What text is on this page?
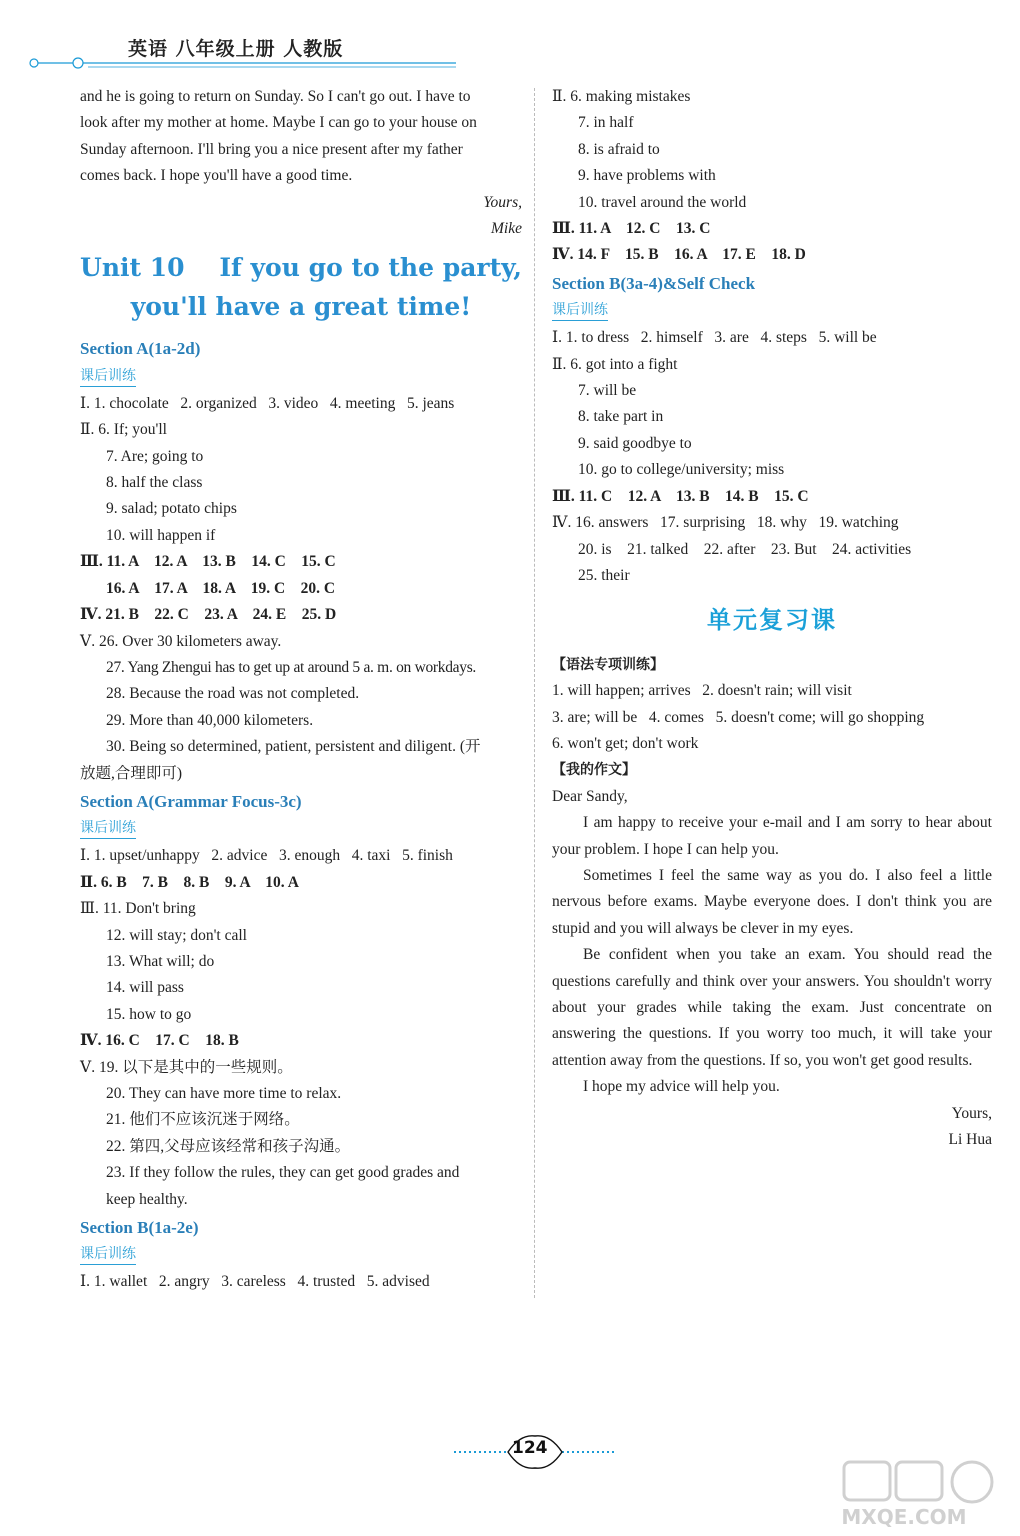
英语 八年级上册 人教版
and he is going to return on Sunday. So I can't go out. I have to
look after my mother at home. Maybe I can go to your house on
Sunday afternoon. I'll bring you a nice present after my father
comes back. I hope you'll have a good time.
Yours,
Mike
Unit 10    If you go to the party,
you'll have a great time!
Section A(1a-2d)
课后训练
Ⅰ. 1. chocolate   2. organized   3. video   4. meeting   5. jeans
Ⅱ. 6. If; you'll
7. Are; going to
8. half the class
9. salad; potato chips
10. will happen if
Ⅲ. 11. A    12. A    13. B    14. C    15. C
16. A    17. A    18. A    19. C    20. C
Ⅳ. 21. B    22. C    23. A    24. E    25. D
Ⅴ. 26. Over 30 kilometers away.
27. Yang Zhengui has to get up at around 5 a. m. on workdays.
28. Because the road was not completed.
29. More than 40,000 kilometers.
30. Being so determined, patient, persistent and diligent. (开
放题,合理即可)
Section A(Grammar Focus-3c)
课后训练
Ⅰ. 1. upset/unhappy   2. advice   3. enough   4. taxi   5. finish
Ⅱ. 6. B    7. B    8. B    9. A    10. A
Ⅲ. 11. Don't bring
12. will stay; don't call
13. What will; do
14. will pass
15. how to go
Ⅳ. 16. C    17. C    18. B
Ⅴ. 19. 以下是其中的一些规则。
20. They can have more time to relax.
21. 他们不应该沉迷于网络。
22. 第四,父母应该经常和孩子沟通。
23. If they follow the rules, they can get good grades and
keep healthy.
Section B(1a-2e)
课后训练
Ⅰ. 1. wallet   2. angry   3. careless   4. trusted   5. advised
Ⅱ. 6. making mistakes
7. in half
8. is afraid to
9. have problems with
10. travel around the world
Ⅲ. 11. A    12. C    13. C
Ⅳ. 14. F    15. B    16. A    17. E    18. D
Section B(3a-4)&Self Check
课后训练
Ⅰ. 1. to dress   2. himself   3. are   4. steps   5. will be
Ⅱ. 6. got into a fight
7. will be
8. take part in
9. said goodbye to
10. go to college/university; miss
Ⅲ. 11. C    12. A    13. B    14. B    15. C
Ⅳ. 16. answers   17. surprising   18. why   19. watching
20. is    21. talked    22. after    23. But    24. activities
25. their
单元复习课
【语法专项训练】
1. will happen; arrives   2. doesn't rain; will visit
3. are; will be   4. comes   5. doesn't come; will go shopping
6. won't get; don't work
【我的作文】
Dear Sandy,
I am happy to receive your e-mail and I am sorry to hear about your problem. I hope I can help you.
Sometimes I feel the same way as you do. I also feel a little nervous before exams. Maybe everyone does. I don't think you are stupid and you will always be clever in my eyes.
Be confident when you take an exam. You should read the questions carefully and think over your answers. You shouldn't worry about your grades while taking the exam. Just concentrate on answering the questions. If you worry too much, it will take your attention away from the questions. If so, you won't get good results.
I hope my advice will help you.
Yours,
Li Hua
124
MXQE.COM
